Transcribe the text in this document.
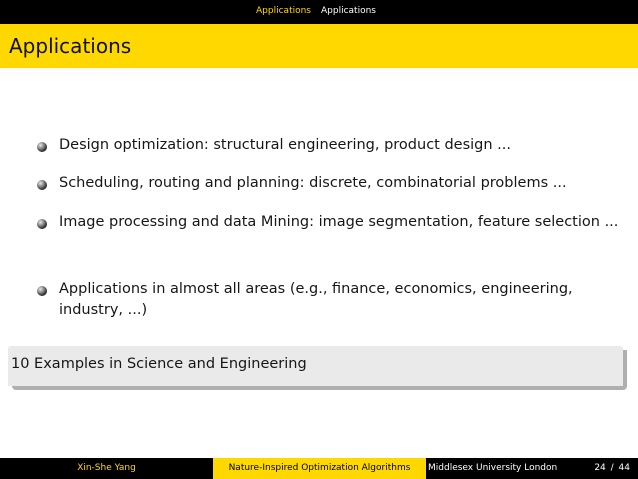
Applications Applications
Applications
Design optimization: structural engineering, product design ...
Scheduling, routing and planning: discrete, combinatorial problems ...
Image processing and data Mining: image segmentation, feature selection ...
Applications in almost all areas (e.g., finance, economics, engineering, industry, ...)
10 Examples in Science and Engineering
Xin-She Yang	Nature-Inspired Optimization Algorithms	Middlesex University London	24 / 44
